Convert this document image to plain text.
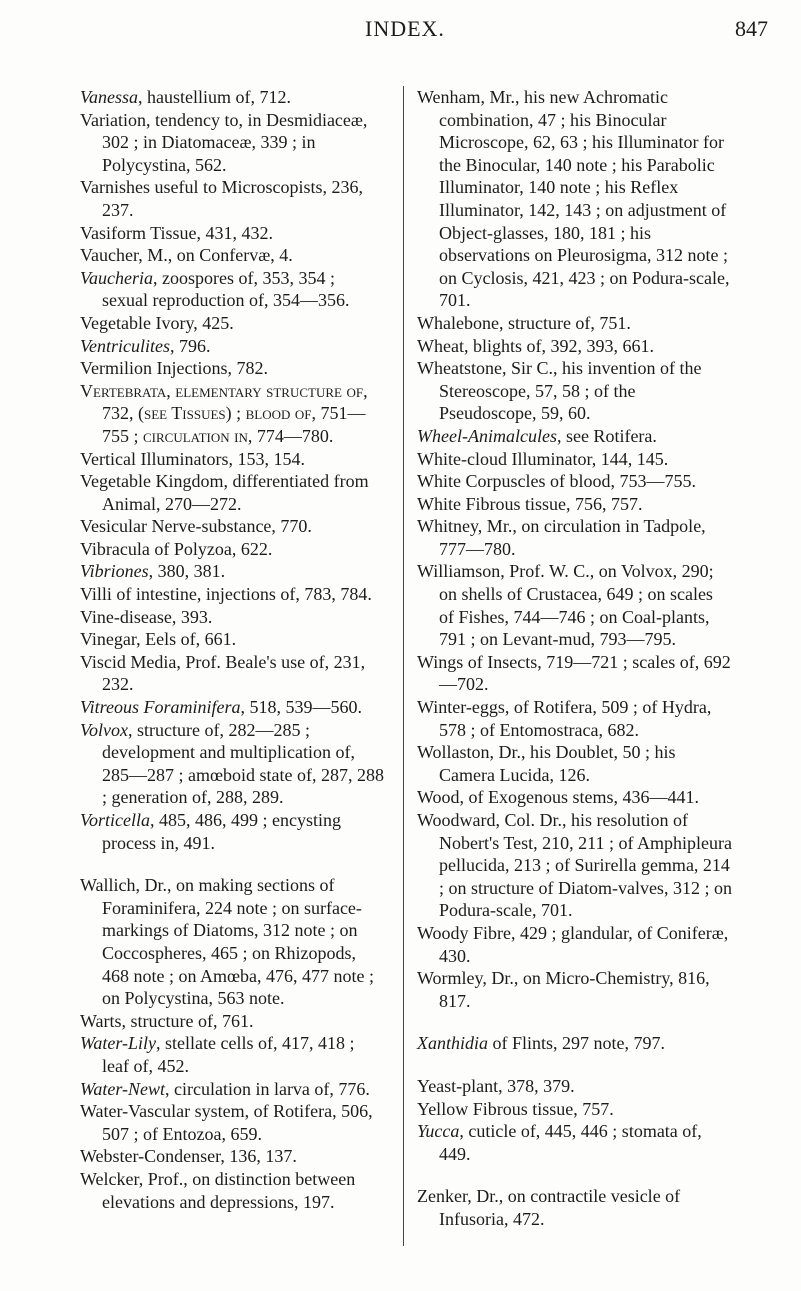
INDEX.	847

Vanessa, haustellium of, 712.

Variation, tendency to, in Desmidiaceæ, 302 ; in Diatomaceæ, 339 ; in Polycystina, 562.

Varnishes useful to Microscopists, 236, 237.

Vasiform Tissue, 431, 432.

Vaucher, M., on Confervæ, 4.

Vaucheria, zoospores of, 353, 354 ; sexual reproduction of, 354—356.

Vegetable Ivory, 425.

Ventriculites, 796.

Vermilion Injections, 782.

Vertebrata, elementary structure of, 732, (see Tissues) ; blood of, 751—755 ; circulation in, 774—780.

Vertical Illuminators, 153, 154.

Vegetable Kingdom, differentiated from Animal, 270—272.

Vesicular Nerve-substance, 770.

Vibracula of Polyzoa, 622.

Vibriones, 380, 381.

Villi of intestine, injections of, 783, 784.

Vine-disease, 393.

Vinegar, Eels of, 661.

Viscid Media, Prof. Beale's use of, 231, 232.

Vitreous Foraminifera, 518, 539—560.

Volvox, structure of, 282—285 ; development and multiplication of, 285—287 ; amœboid state of, 287, 288 ; generation of, 288, 289.

Vorticella, 485, 486, 499 ; encysting process in, 491.

Wallich, Dr., on making sections of Foraminifera, 224 note ; on surface-markings of Diatoms, 312 note ; on Coccospheres, 465 ; on Rhizopods, 468 note ; on Amœba, 476, 477 note ; on Polycystina, 563 note.

Warts, structure of, 761.

Water-Lily, stellate cells of, 417, 418 ; leaf of, 452.

Water-Newt, circulation in larva of, 776.

Water-Vascular system, of Rotifera, 506, 507 ; of Entozoa, 659.

Webster-Condenser, 136, 137.

Welcker, Prof., on distinction between elevations and depressions, 197.

Wenham, Mr., his new Achromatic combination, 47 ; his Binocular Microscope, 62, 63 ; his Illuminator for the Binocular, 140 note ; his Parabolic Illuminator, 140 note ; his Reflex Illuminator, 142, 143 ; on adjustment of Object-glasses, 180, 181 ; his observations on Pleurosigma, 312 note ; on Cyclosis, 421, 423 ; on Podura-scale, 701.

Whalebone, structure of, 751.

Wheat, blights of, 392, 393, 661.

Wheatstone, Sir C., his invention of the Stereoscope, 57, 58 ; of the Pseudoscope, 59, 60.

Wheel-Animalcules, see Rotifera.

White-cloud Illuminator, 144, 145.

White Corpuscles of blood, 753—755.

White Fibrous tissue, 756, 757.

Whitney, Mr., on circulation in Tadpole, 777—780.

Williamson, Prof. W. C., on Volvox, 290; on shells of Crustacea, 649 ; on scales of Fishes, 744—746 ; on Coal-plants, 791 ; on Levant-mud, 793—795.

Wings of Insects, 719—721 ; scales of, 692—702.

Winter-eggs, of Rotifera, 509 ; of Hydra, 578 ; of Entomostraca, 682.

Wollaston, Dr., his Doublet, 50 ; his Camera Lucida, 126.

Wood, of Exogenous stems, 436—441.

Woodward, Col. Dr., his resolution of Nobert's Test, 210, 211 ; of Amphipleura pellucida, 213 ; of Surirella gemma, 214 ; on structure of Diatom-valves, 312 ; on Podura-scale, 701.

Woody Fibre, 429 ; glandular, of Coniferæ, 430.

Wormley, Dr., on Micro-Chemistry, 816, 817.

Xanthidia of Flints, 297 note, 797.

Yeast-plant, 378, 379.

Yellow Fibrous tissue, 757.

Yucca, cuticle of, 445, 446 ; stomata of, 449.

Zenker, Dr., on contractile vesicle of Infusoria, 472.
